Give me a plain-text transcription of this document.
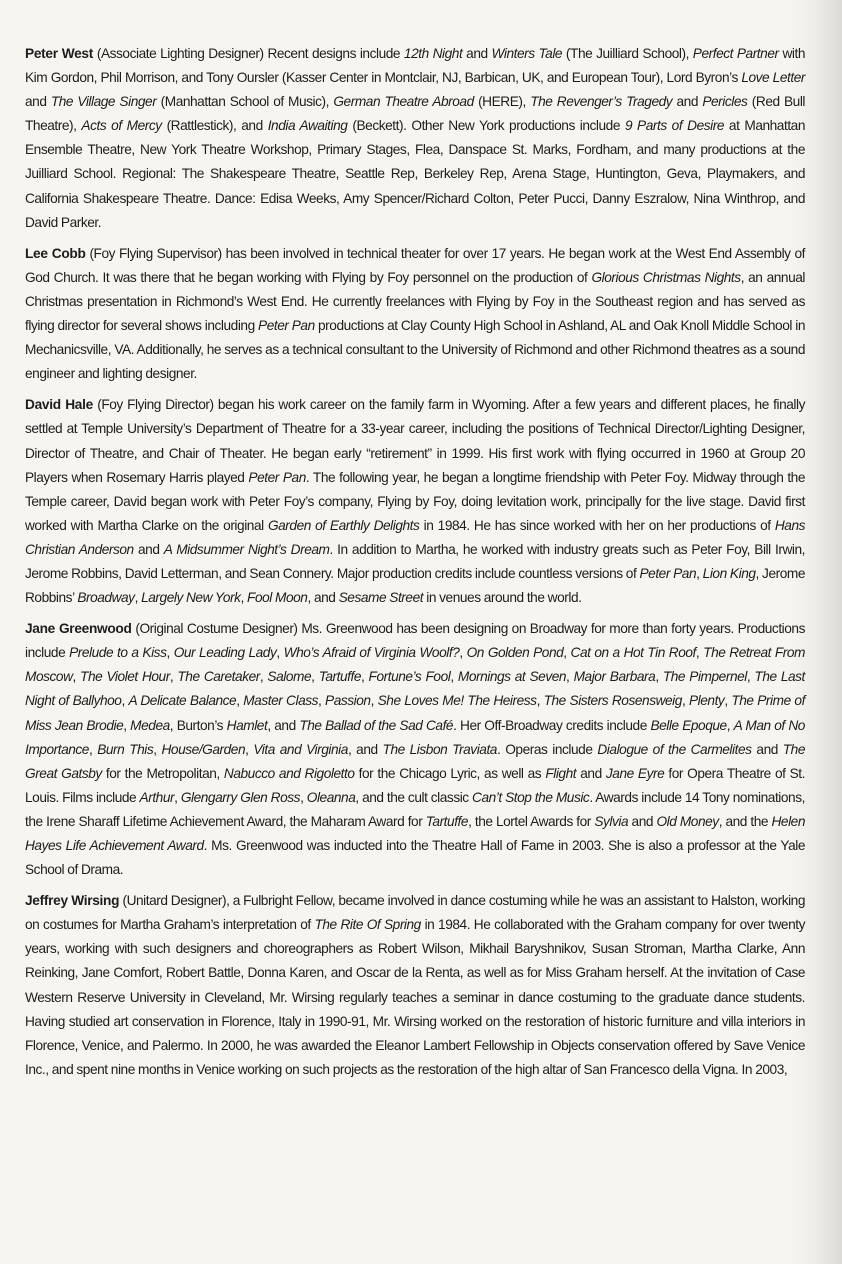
Peter West (Associate Lighting Designer) Recent designs include 12th Night and Winters Tale (The Juilliard School), Perfect Partner with Kim Gordon, Phil Morrison, and Tony Oursler (Kasser Center in Montclair, NJ, Barbican, UK, and European Tour), Lord Byron’s Love Letter and The Village Singer (Manhattan School of Music), German Theatre Abroad (HERE), The Revenger’s Tragedy and Pericles (Red Bull Theatre), Acts of Mercy (Rattlestick), and India Awaiting (Beckett). Other New York productions include 9 Parts of Desire at Manhattan Ensemble Theatre, New York Theatre Workshop, Primary Stages, Flea, Danspace St. Marks, Fordham, and many productions at the Juilliard School. Regional: The Shakespeare Theatre, Seattle Rep, Berkeley Rep, Arena Stage, Huntington, Geva, Playmakers, and California Shakespeare Theatre. Dance: Edisa Weeks, Amy Spencer/Richard Colton, Peter Pucci, Danny Eszralow, Nina Winthrop, and David Parker.

Lee Cobb (Foy Flying Supervisor) has been involved in technical theater for over 17 years. He began work at the West End Assembly of God Church. It was there that he began working with Flying by Foy personnel on the production of Glorious Christmas Nights, an annual Christmas presentation in Richmond’s West End. He currently freelances with Flying by Foy in the Southeast region and has served as flying director for several shows including Peter Pan productions at Clay County High School in Ashland, AL and Oak Knoll Middle School in Mechanicsville, VA. Additionally, he serves as a technical consultant to the University of Richmond and other Richmond theatres as a sound engineer and lighting designer.

David Hale (Foy Flying Director) began his work career on the family farm in Wyoming. After a few years and different places, he finally settled at Temple University’s Department of Theatre for a 33-year career, including the positions of Technical Director/Lighting Designer, Director of Theatre, and Chair of Theater. He began early “retirement” in 1999. His first work with flying occurred in 1960 at Group 20 Players when Rosemary Harris played Peter Pan. The following year, he began a longtime friendship with Peter Foy. Midway through the Temple career, David began work with Peter Foy’s company, Flying by Foy, doing levitation work, principally for the live stage. David first worked with Martha Clarke on the original Garden of Earthly Delights in 1984. He has since worked with her on her productions of Hans Christian Anderson and A Midsummer Night’s Dream. In addition to Martha, he worked with industry greats such as Peter Foy, Bill Irwin, Jerome Robbins, David Letterman, and Sean Connery. Major production credits include countless versions of Peter Pan, Lion King, Jerome Robbins’ Broadway, Largely New York, Fool Moon, and Sesame Street in venues around the world.

Jane Greenwood (Original Costume Designer) Ms. Greenwood has been designing on Broadway for more than forty years. Productions include Prelude to a Kiss, Our Leading Lady, Who’s Afraid of Virginia Woolf?, On Golden Pond, Cat on a Hot Tin Roof, The Retreat From Moscow, The Violet Hour, The Caretaker, Salome, Tartuffe, Fortune’s Fool, Mornings at Seven, Major Barbara, The Pimpernel, The Last Night of Ballyhoo, A Delicate Balance, Master Class, Passion, She Loves Me! The Heiress, The Sisters Rosensweig, Plenty, The Prime of Miss Jean Brodie, Medea, Burton’s Hamlet, and The Ballad of the Sad Café. Her Off-Broadway credits include Belle Epoque, A Man of No Importance, Burn This, House/Garden, Vita and Virginia, and The Lisbon Traviata. Operas include Dialogue of the Carmelites and The Great Gatsby for the Metropolitan, Nabucco and Rigoletto for the Chicago Lyric, as well as Flight and Jane Eyre for Opera Theatre of St. Louis. Films include Arthur, Glengarry Glen Ross, Oleanna, and the cult classic Can’t Stop the Music. Awards include 14 Tony nominations, the Irene Sharaff Lifetime Achievement Award, the Maharam Award for Tartuffe, the Lortel Awards for Sylvia and Old Money, and the Helen Hayes Life Achievement Award. Ms. Greenwood was inducted into the Theatre Hall of Fame in 2003. She is also a professor at the Yale School of Drama.

Jeffrey Wirsing (Unitard Designer), a Fulbright Fellow, became involved in dance costuming while he was an assistant to Halston, working on costumes for Martha Graham’s interpretation of The Rite Of Spring in 1984. He collaborated with the Graham company for over twenty years, working with such designers and choreographers as Robert Wilson, Mikhail Baryshnikov, Susan Stroman, Martha Clarke, Ann Reinking, Jane Comfort, Robert Battle, Donna Karen, and Oscar de la Renta, as well as for Miss Graham herself. At the invitation of Case Western Reserve University in Cleveland, Mr. Wirsing regularly teaches a seminar in dance costuming to the graduate dance students. Having studied art conservation in Florence, Italy in 1990-91, Mr. Wirsing worked on the restoration of historic furniture and villa interiors in Florence, Venice, and Palermo. In 2000, he was awarded the Eleanor Lambert Fellowship in Objects conservation offered by Save Venice Inc., and spent nine months in Venice working on such projects as the restoration of the high altar of San Francesco della Vigna. In 2003,
